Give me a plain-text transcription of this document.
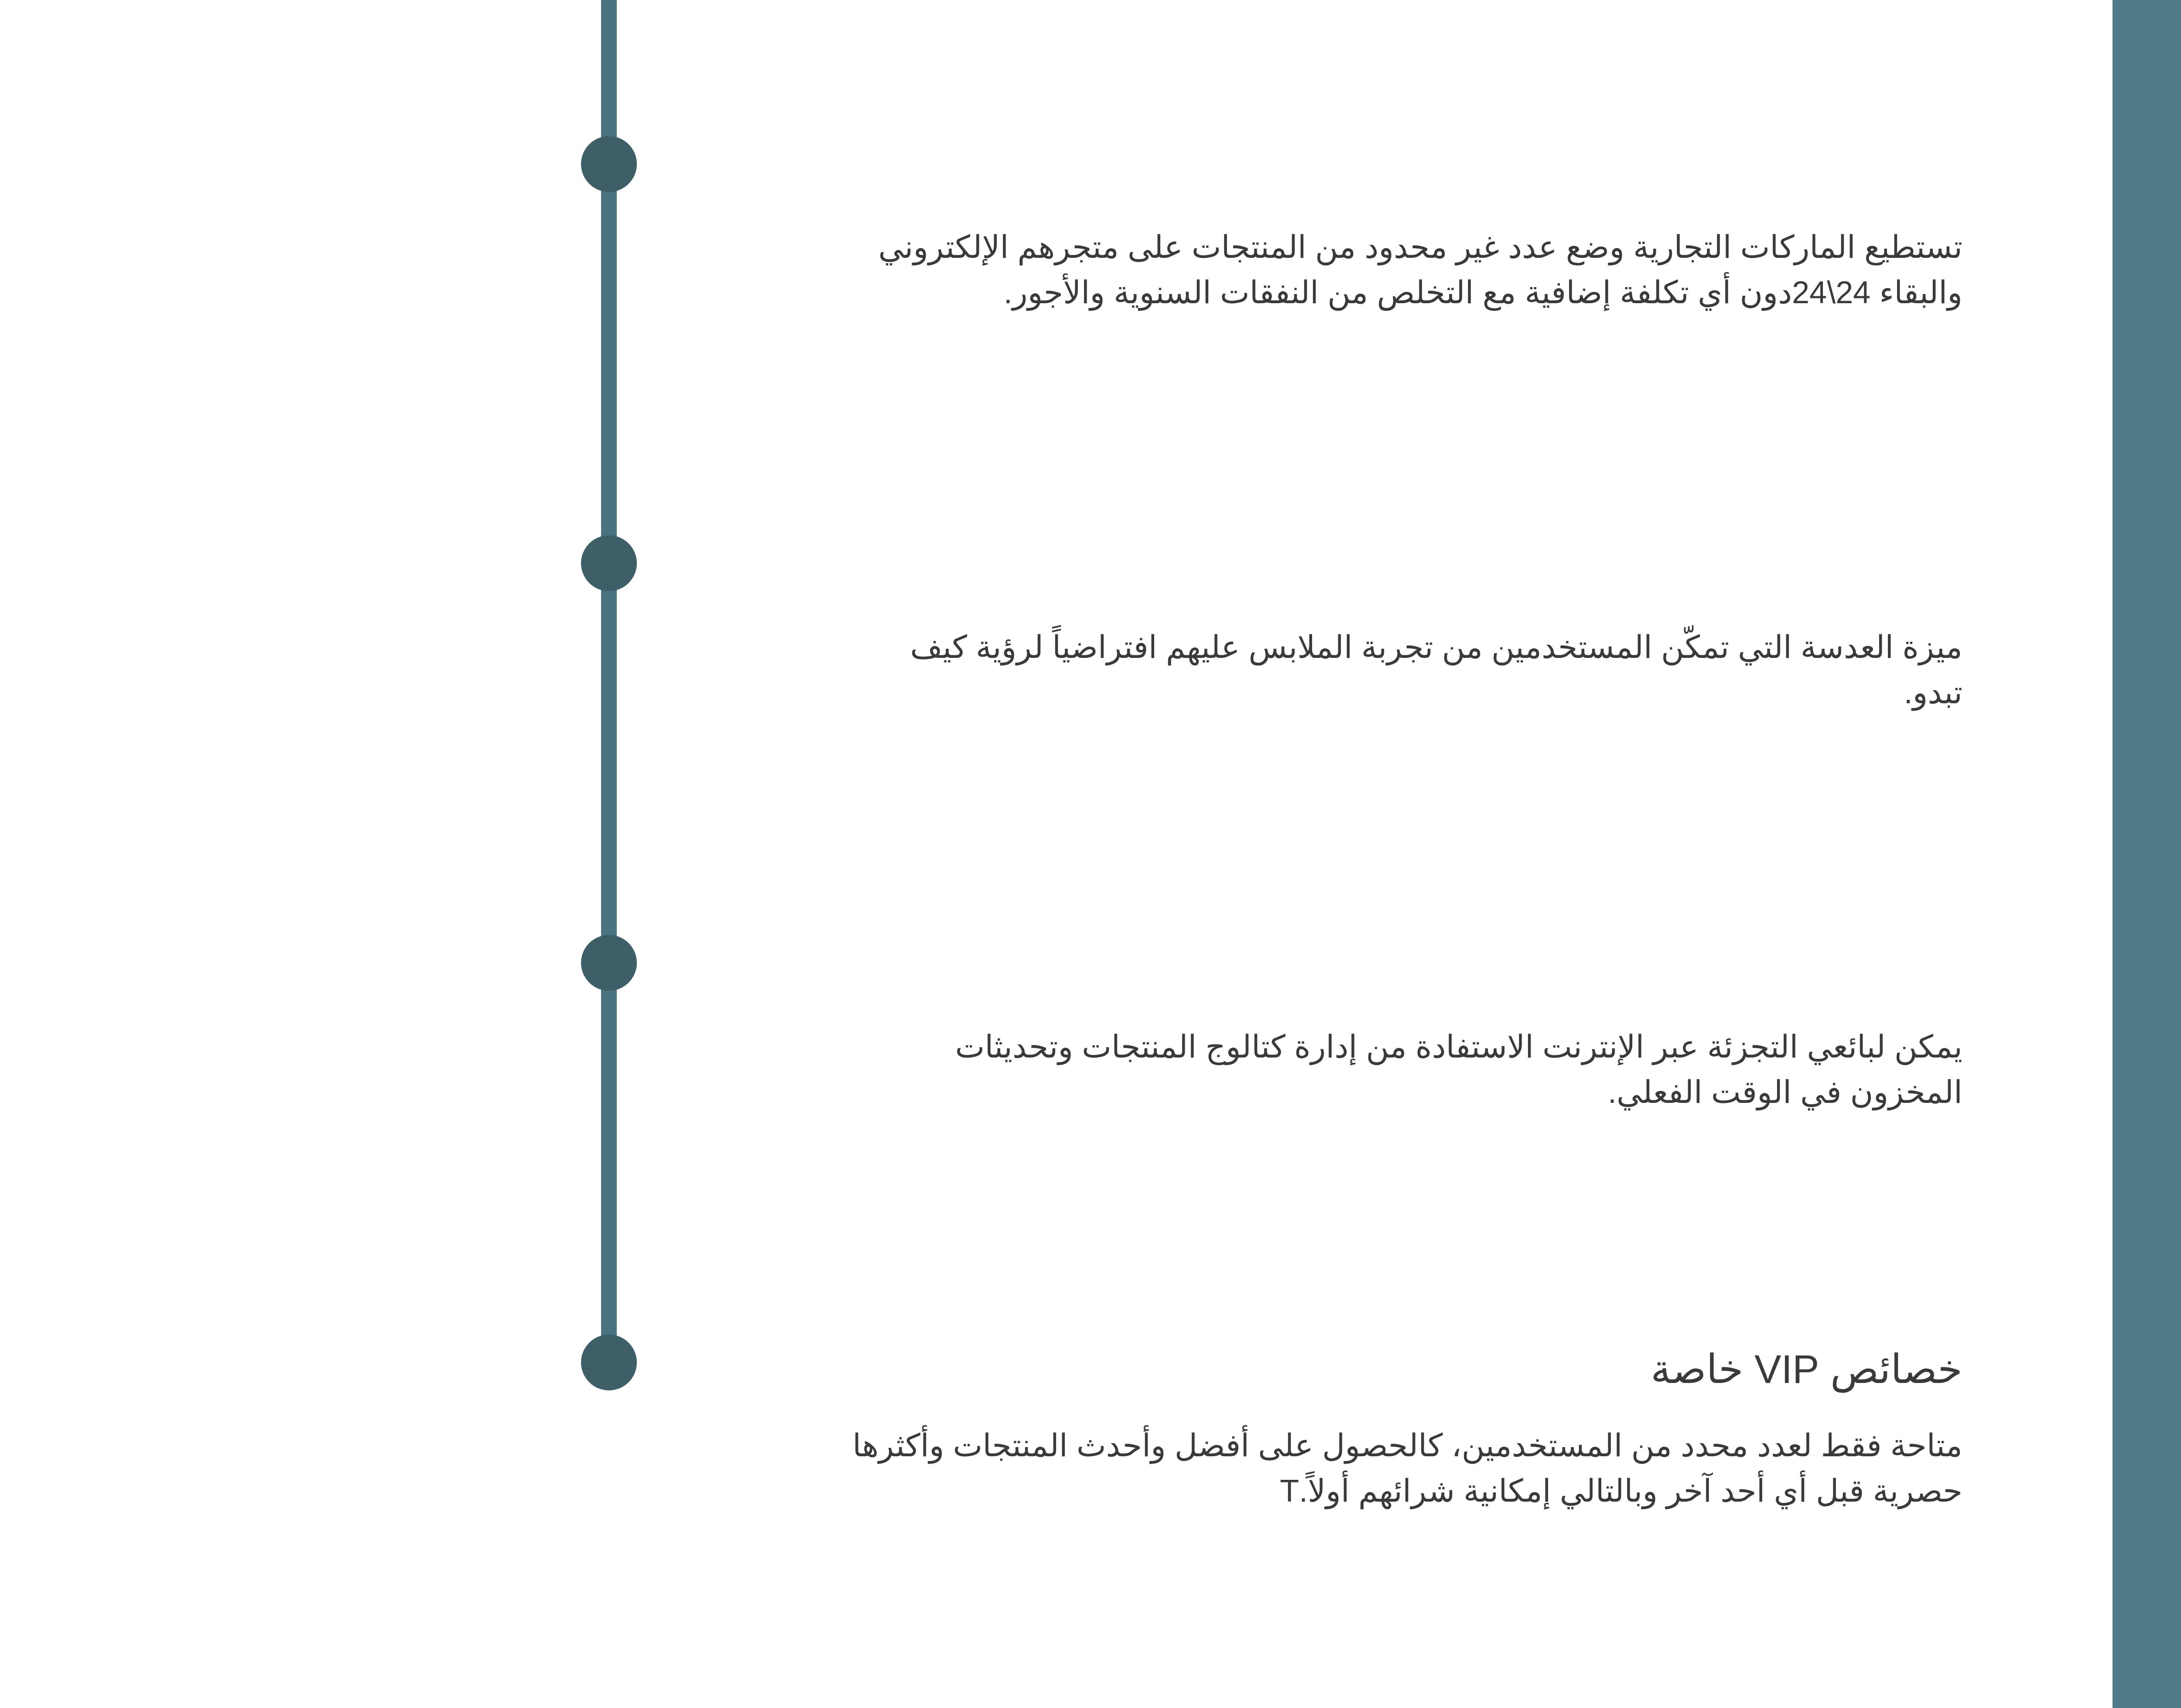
تستطيع الماركات التجارية وضع عدد غير محدود من المنتجات على متجرهم الإلكتروني والبقاء 24\24دون أي تكلفة إضافية مع التخلص من النفقات السنوية والأجور.
ميزة العدسة التي تمكّن المستخدمين من تجربة الملابس عليهم افتراضياً لرؤية كيف تبدو.
يمكن لبائعي التجزئة عبر الإنترنت الاستفادة من إدارة كتالوج المنتجات وتحديثات المخزون في الوقت الفعلي.
خصائص VIP خاصة
متاحة فقط لعدد محدد من المستخدمين، كالحصول على أفضل وأحدث المنتجات وأكثرها حصرية قبل أي أحد آخر وبالتالي إمكانية شرائهم أولاً.T
